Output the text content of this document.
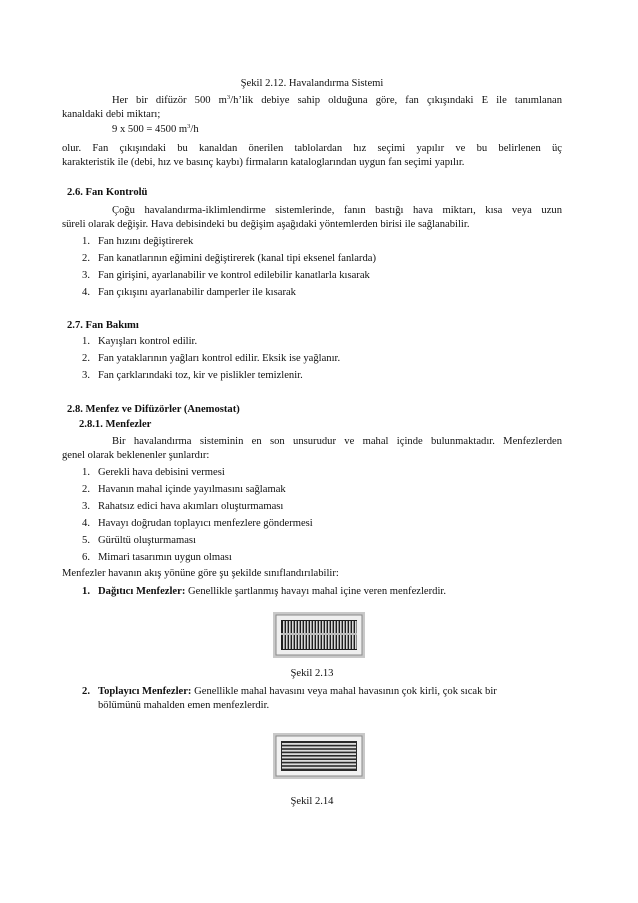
Şekil 2.12. Havalandırma Sistemi
Her bir difüzör 500 $m^3/h’lik$ debiye sahip olduğuna göre, fan çıkışındaki E ile tanımlanan
kanaldaki debi miktarı;
9 x 500 = 4500 $m^3/h$
olur. Fan çıkışındaki bu kanaldan önerilen tablolardan hız seçimi yapılır ve bu belirlenen üç
karakteristik ile (debi, hız ve basınç kaybı) firmaların kataloglarından uygun fan seçimi yapılır.
2.6. Fan Kontrolü
Çoğu havalandırma-iklimlendirme sistemlerinde, fanın bastığı hava miktarı, kısa veya uzun
süreli olarak değişir. Hava debisindeki bu değişim aşağıdaki yöntemlerden birisi ile sağlanabilir.
1. Fan hızını değiştirerek
2. Fan kanatlarının eğimini değiştirerek (kanal tipi eksenel fanlarda)
3. Fan girişini, ayarlanabilir ve kontrol edilebilir kanatlarla kısarak
4. Fan çıkışını ayarlanabilir damperler ile kısarak
2.7. Fan Bakımı
1. Kayışları kontrol edilir.
2. Fan yataklarının yağları kontrol edilir. Eksik ise yağlanır.
3. Fan çarklarındaki toz, kir ve pislikler temizlenir.
2.8. Menfez ve Difüzörler (Anemostat)
2.8.1. Menfezler
Bir havalandırma sisteminin en son unsurudur ve mahal içinde bulunmaktadır. Menfezlerden
genel olarak beklenenler şunlardır:
1. Gerekli hava debisini vermesi
2. Havanın mahal içinde yayılmasını sağlamak
3. Rahatsız edici hava akımları oluşturmaması
4. Havayı doğrudan toplayıcı menfezlere göndermesi
5. Gürültü oluşturmaması
6. Mimari tasarımın uygun olması
Menfezler havanın akış yönüne göre şu şekilde sınıflandırılabilir:
1. Dağıtıcı Menfezler: Genellikle şartlanmış havayı mahal içine veren menfezlerdir.
Şekil 2.13
2. Toplayıcı Menfezler: Genellikle mahal havasını veya mahal havasının çok kirli, çok sıcak bir
bölümünü mahalden emen menfezlerdir.
Şekil 2.14
